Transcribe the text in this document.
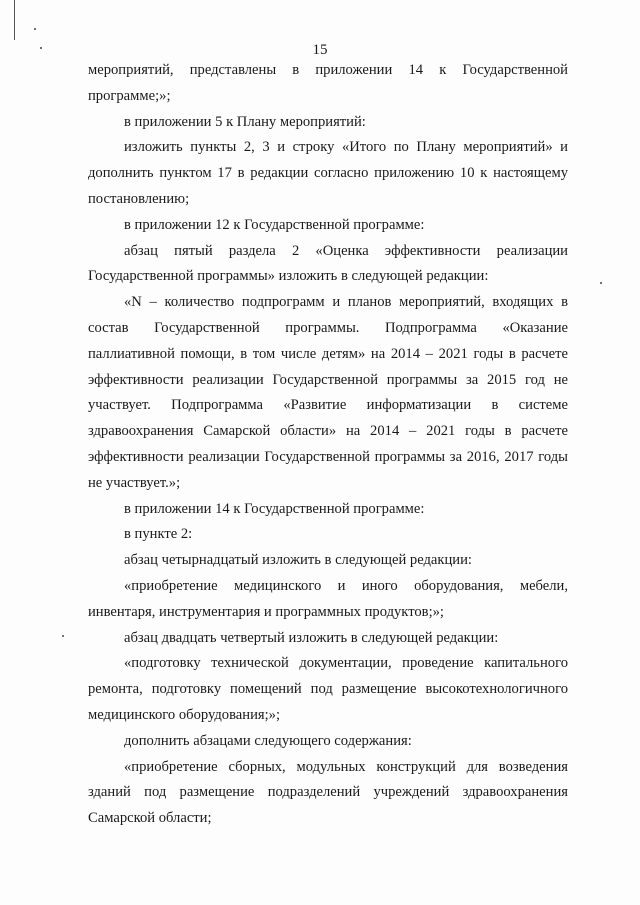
15

мероприятий, представлены в приложении 14 к Государственной программе;»;

в приложении 5 к Плану мероприятий:

изложить пункты 2, 3 и строку «Итого по Плану мероприятий» и дополнить пунктом 17 в редакции согласно приложению 10 к настоящему постановлению;

в приложении 12 к Государственной программе:

абзац пятый раздела 2 «Оценка эффективности реализации Государственной программы» изложить в следующей редакции:

«N – количество подпрограмм и планов мероприятий, входящих в состав Государственной программы. Подпрограмма «Оказание паллиативной помощи, в том числе детям» на 2014 – 2021 годы в расчете эффективности реализации Государственной программы за 2015 год не участвует. Подпрограмма «Развитие информатизации в системе здравоохранения Самарской области» на 2014 – 2021 годы в расчете эффективности реализации Государственной программы за 2016, 2017 годы не участвует.»;

в приложении 14 к Государственной программе:

в пункте 2:

абзац четырнадцатый изложить в следующей редакции:

«приобретение медицинского и иного оборудования, мебели, инвентаря, инструментария и программных продуктов;»;

абзац двадцать четвертый изложить в следующей редакции:

«подготовку технической документации, проведение капитального ремонта, подготовку помещений под размещение высокотехнологичного медицинского оборудования;»;

дополнить абзацами следующего содержания:

«приобретение сборных, модульных конструкций для возведения зданий под размещение подразделений учреждений здравоохранения Самарской области;
